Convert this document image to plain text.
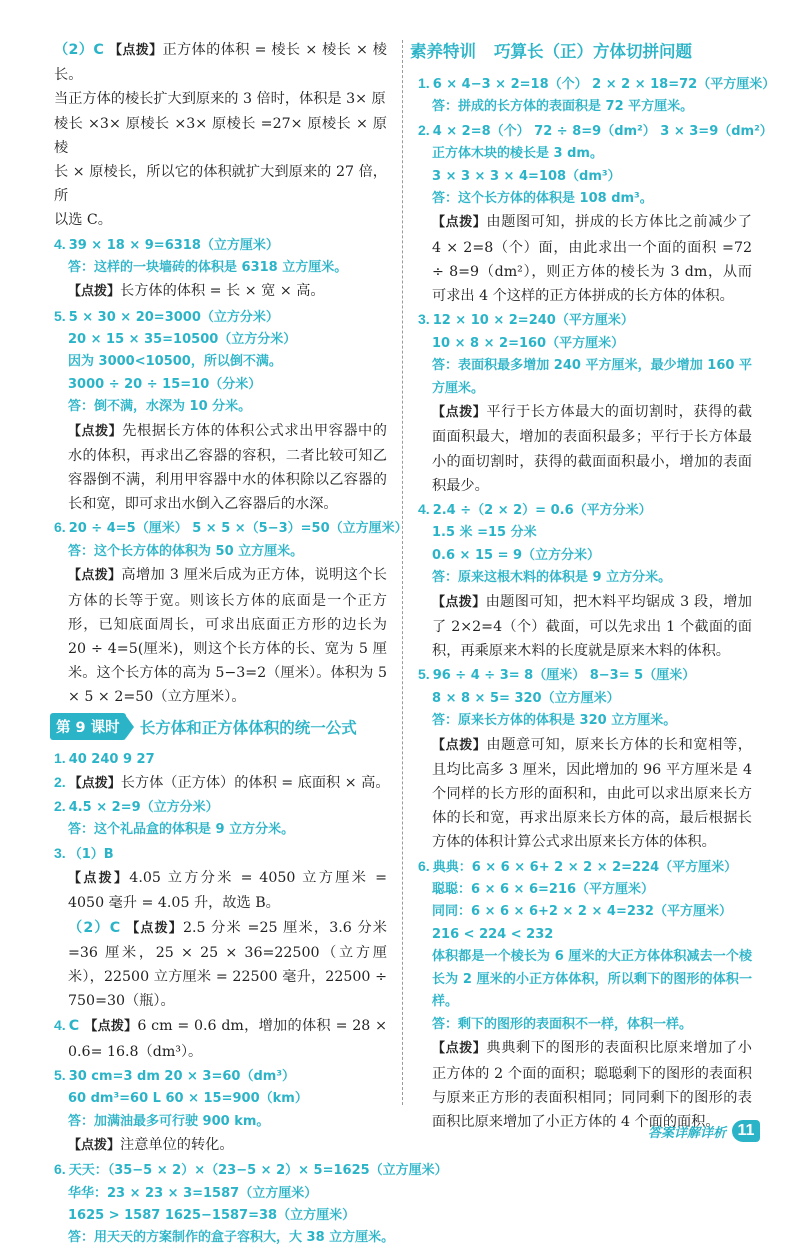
（2）C 【点拨】正方体的体积 = 棱长 × 棱长 × 棱长。
当正方体的棱长扩大到原来的 3 倍时，体积是 3× 原
棱长 ×3× 原棱长 ×3× 原棱长 =27× 原棱长 × 原棱
长 × 原棱长，所以它的体积就扩大到原来的 27 倍，所
以选 C。
4. 39 × 18 × 9=6318（立方厘米）
答：这样的一块墙砖的体积是 6318 立方厘米。
【点拨】长方体的体积 = 长 × 宽 × 高。
5. 5 × 30 × 20=3000（立方分米）
20 × 15 × 35=10500（立方分米）
因为 3000<10500，所以倒不满。
3000 ÷ 20 ÷ 15=10（分米）
答：倒不满，水深为 10 分米。
【点拨】先根据长方体的体积公式求出甲容器中的水的体积，再求出乙容器的容积，二者比较可知乙容器倒不满，利用甲容器中水的体积除以乙容器的长和宽，即可求出水倒入乙容器后的水深。
6. 20 ÷ 4=5（厘米） 5 × 5 ×（5−3）=50（立方厘米）
答：这个长方体的体积为 50 立方厘米。
【点拨】高增加 3 厘米后成为正方体，说明这个长方体的长等于宽。则该长方体的底面是一个正方形，已知底面周长，可求出底面正方形的边长为 20 ÷ 4=5(厘米)，则这个长方体的长、宽为 5 厘米。这个长方体的高为 5−3=2（厘米）。体积为 5 × 5 × 2=50（立方厘米）。
第 9 课时	长方体和正方体体积的统一公式
1. 40 240 9 27
2. 【点拨】长方体（正方体）的体积 = 底面积 × 高。
2. 4.5 × 2=9（立方分米）
答：这个礼品盒的体积是 9 立方分米。
3. （1）B
【点拨】4.05 立方分米 = 4050 立方厘米 = 4050 毫升 = 4.05 升，故选 B。
（2）C 【点拨】2.5 分米 =25 厘米，3.6 分米 =36 厘米，25 × 25 × 36=22500（立方厘米），22500 立方厘米 = 22500 毫升，22500 ÷ 750=30（瓶）。
4. C 【点拨】6 cm = 0.6 dm，增加的体积 = 28 × 0.6= 16.8（dm³）。
5. 30 cm=3 dm 20 × 3=60（dm³）
60 dm³=60 L 60 × 15=900（km）
答：加满油最多可行驶 900 km。
【点拨】注意单位的转化。
6. 天天：（35−5 × 2）×（23−5 × 2）× 5=1625（立方厘米）
华华：23 × 23 × 3=1587（立方厘米）
1625 > 1587 1625−1587=38（立方厘米）
答：用天天的方案制作的盒子容积大，大 38 立方厘米。
素养特训 巧算长（正）方体切拼问题
1. 6 × 4−3 × 2=18（个） 2 × 2 × 18=72（平方厘米）
答：拼成的长方体的表面积是 72 平方厘米。
2. 4 × 2=8（个） 72 ÷ 8=9（dm²） 3 × 3=9（dm²）
正方体木块的棱长是 3 dm。
3 × 3 × 3 × 4=108（dm³）
答：这个长方体的体积是 108 dm³。
【点拨】由题图可知，拼成的长方体比之前减少了 4 × 2=8（个）面，由此求出一个面的面积 =72 ÷ 8=9（dm²），则正方体的棱长为 3 dm，从而可求出 4 个这样的正方体拼成的长方体的体积。
3. 12 × 10 × 2=240（平方厘米）
10 × 8 × 2=160（平方厘米）
答：表面积最多增加 240 平方厘米，最少增加 160 平方厘米。
【点拨】平行于长方体最大的面切割时，获得的截面面积最大，增加的表面积最多；平行于长方体最小的面切割时，获得的截面面积最小，增加的表面积最少。
4. 2.4 ÷（2 × 2）= 0.6（平方分米）
1.5 米 =15 分米
0.6 × 15 = 9（立方分米）
答：原来这根木料的体积是 9 立方分米。
【点拨】由题图可知，把木料平均锯成 3 段，增加了 2×2=4（个）截面，可以先求出 1 个截面的面积，再乘原来木料的长度就是原来木料的体积。
5. 96 ÷ 4 ÷ 3= 8（厘米） 8−3= 5（厘米）
8 × 8 × 5= 320（立方厘米）
答：原来长方体的体积是 320 立方厘米。
【点拨】由题意可知，原来长方体的长和宽相等，且均比高多 3 厘米，因此增加的 96 平方厘米是 4 个同样的长方形的面积和，由此可以求出原来长方体的长和宽，再求出原来长方体的高，最后根据长方体的体积计算公式求出原来长方体的体积。
6. 典典：6 × 6 × 6+ 2 × 2 × 2=224（平方厘米）
聪聪：6 × 6 × 6=216（平方厘米）
同同：6 × 6 × 6+2 × 2 × 4=232（平方厘米）
216 < 224 < 232
体积都是一个棱长为 6 厘米的大正方体体积减去一个棱长为 2 厘米的小正方体体积，所以剩下的图形的体积一样。
答：剩下的图形的表面积不一样，体积一样。
【点拨】典典剩下的图形的表面积比原来增加了小正方体的 2 个面的面积；聪聪剩下的图形的表面积与原来正方形的表面积相同；同同剩下的图形的表面积比原来增加了小正方体的 4 个面的面积。
答案详解详析 11
